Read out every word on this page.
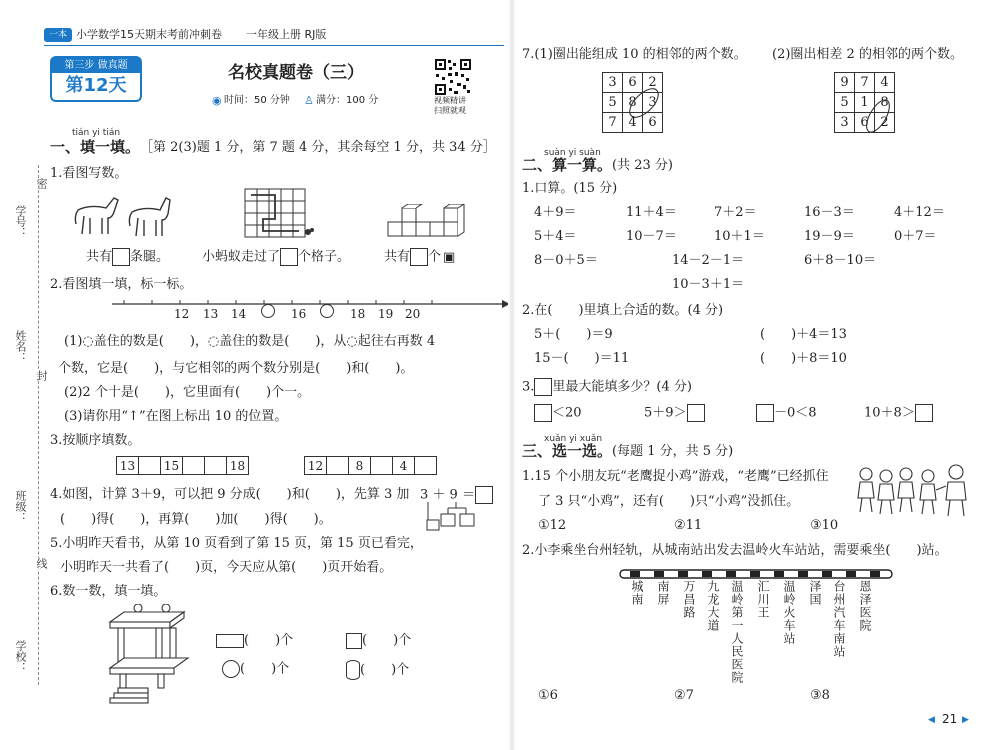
一本 小学数学15天期末考前冲刺卷 一年级上册 RJ版
第三步 做真题
第12天
名校真题卷（三）
◉ 时间：50 分钟 ♙ 满分：100 分	视频精讲
扫照就观
学号：
姓名：
班级：
学校：
密
封
线
tián yi tián
一、填一填。 ［第 2(3)题 1 分，第 7 题 4 分，其余每空 1 分，共 34 分］
1.看图写数。
共有 条腿。	小蚂蚁走过了 个格子。	共有 个 ▣
2.看图填一填，标一标。
12 13 14	16	18 19 20
(1)◌盖住的数是(　　)，◌盖住的数是(　　)，从◌起往右再数 4
个数，它是(　　)，与它相邻的两个数分别是(　　)和(　　)。
(2)2 个十是(　　)，它里面有(　　)个一。
(3)请你用“↑”在图上标出 10 的位置。
3.按顺序填数。
13		15			18	12		8		4	
4.如图，计算 3＋9，可以把 9 分成(　　)和(　　)，先算 3 加
(　　)得(　　)，再算(　　)加(　　)得(　　)。
3 ＋ 9 ＝
5.小明昨天看书，从第 10 页看到了第 15 页，第 15 页已看完，
小明昨天一共看了(　　)页，今天应从第(　　)页开始看。
6.数一数，填一填。
(　　)个	(　　)个
(　　)个	(　　)个
7.(1)圈出能组成 10 的相邻的两个数。 (2)圈出相差 2 的相邻的两个数。
3	6	2
5	8	3
7	4	6
9	7	4
5	1	8
3	6	2
suàn yi suàn
二、算一算。 (共 23 分)
1.口算。(15 分)
4＋9＝	11＋4＝	7＋2＝	16－3＝	4＋12＝
5＋4＝	10－7＝	10＋1＝	19－9＝	0＋7＝
8－0＋5＝	14－2－1＝	6＋8－10＝
10－3＋1＝
2.在(　　)里填上合适的数。(4 分)
5＋(　　)＝9	(　　)＋4＝13
15－(　　)＝11	(　　)＋8＝10
3. 里最大能填多少？(4 分)
＜20	5＋9＞	－0＜8	10＋8＞
xuǎn yi xuǎn
三、选一选。 (每题 1 分，共 5 分)
1.15 个小朋友玩“老鹰捉小鸡”游戏，“老鹰”已经抓住
了 3 只“小鸡”，还有(　　)只“小鸡”没抓住。
①12	②11	③10
2.小李乘坐台州轻轨，从城南站出发去温岭火车站站，需要乘坐(　　)站。
城南 南屏 万昌路 九龙大道 温岭第一人民医院 汇川王 温岭火车站 泽国 台州汽车南站 恩泽医院
①6	②7	③8
◀ 21 ▶
